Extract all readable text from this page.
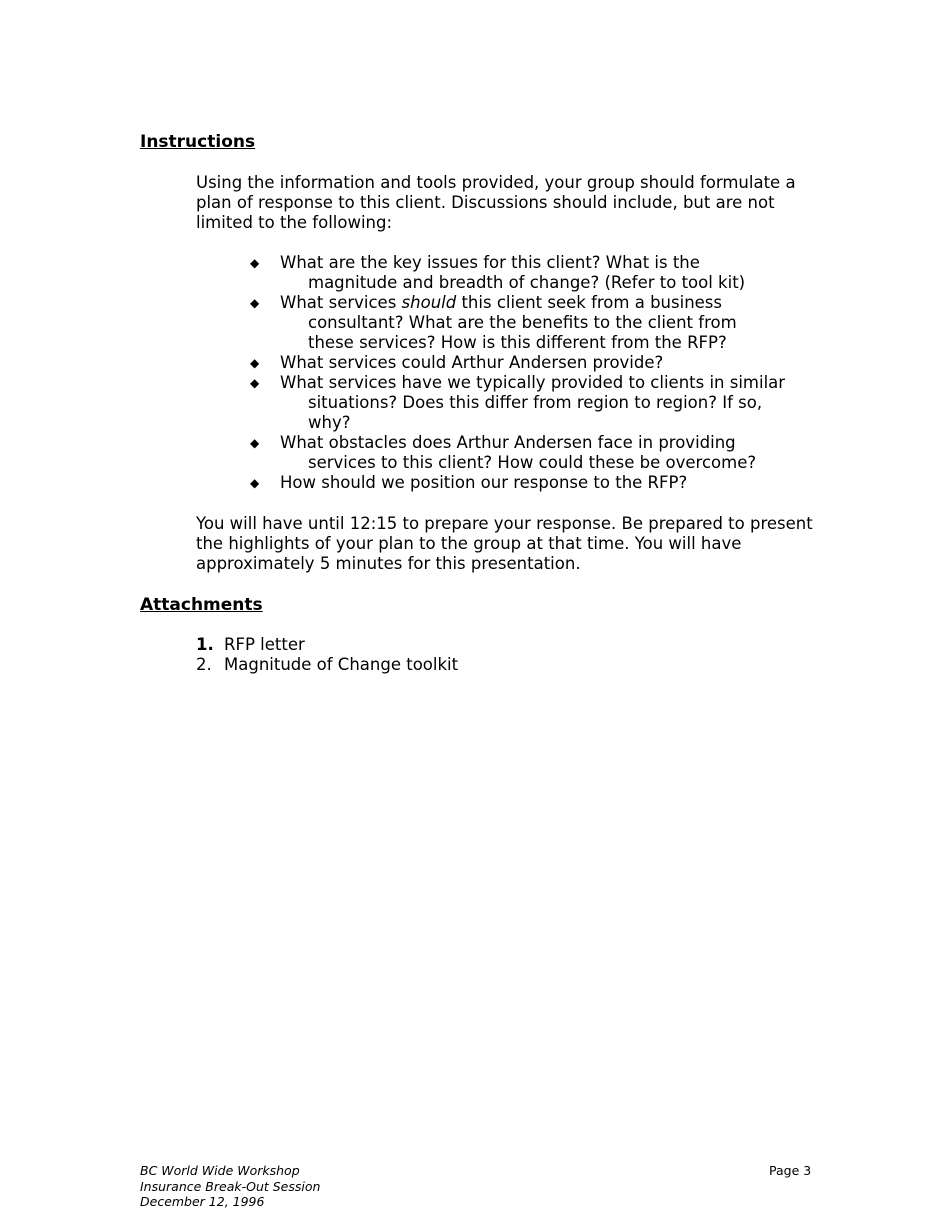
Instructions

Using the information and tools provided, your group should formulate a plan of response to this client. Discussions should include, but are not limited to the following:

◆ What are the key issues for this client? What is the
magnitude and breadth of change? (Refer to tool kit)
◆ What services should this client seek from a business
consultant? What are the benefits to the client from these services? How is this different from the RFP?
◆ What services could Arthur Andersen provide?
◆ What services have we typically provided to clients in similar
situations? Does this differ from region to region? If so, why?
◆ What obstacles does Arthur Andersen face in providing
services to this client? How could these be overcome?
◆ How should we position our response to the RFP?

You will have until 12:15 to prepare your response. Be prepared to present the highlights of your plan to the group at that time. You will have approximately 5 minutes for this presentation.

Attachments
1. RFP letter
2. Magnitude of Change toolkit
BC World Wide Workshop
Insurance Break-Out Session
December 12, 1996
Page 3
